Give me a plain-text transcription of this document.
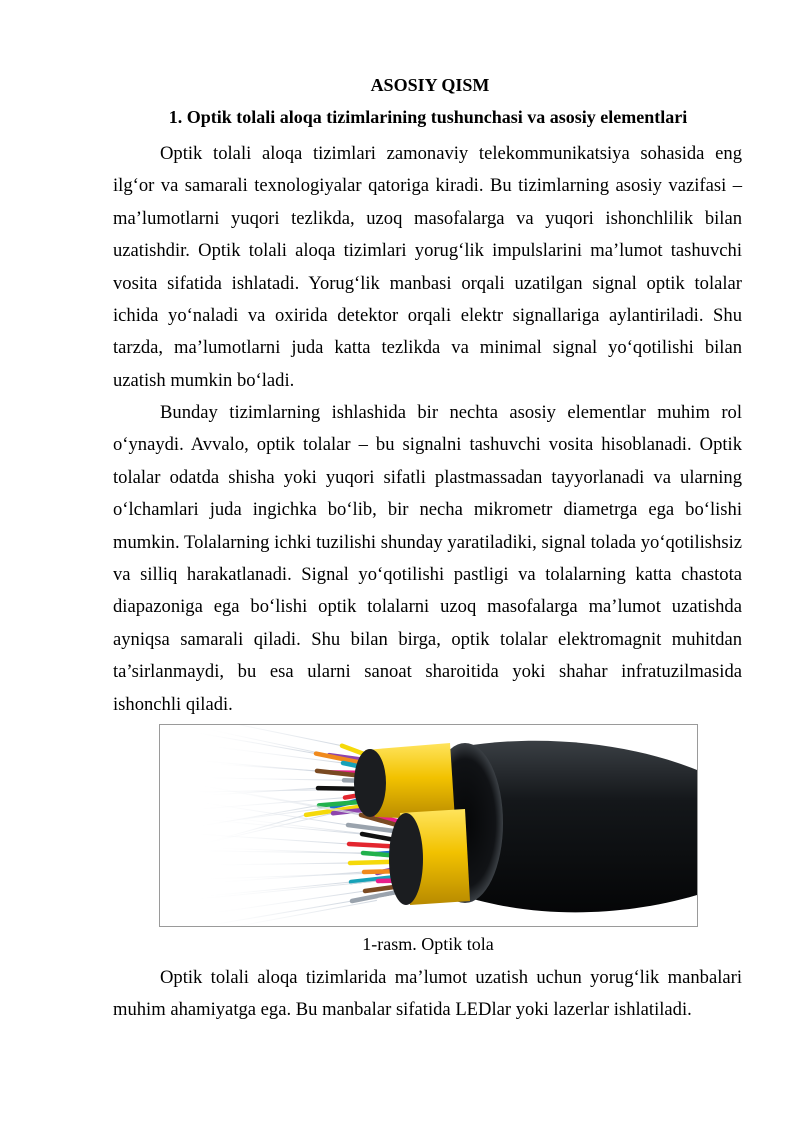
ASOSIY QISM
1. Optik tolali aloqa tizimlarining tushunchasi va asosiy elementlari

Optik tolali aloqa tizimlari zamonaviy telekommunikatsiya sohasida eng ilg‘or va samarali texnologiyalar qatoriga kiradi. Bu tizimlarning asosiy vazifasi – ma’lumotlarni yuqori tezlikda, uzoq masofalarga va yuqori ishonchlilik bilan uzatishdir. Optik tolali aloqa tizimlari yorug‘lik impulslarini ma’lumot tashuvchi vosita sifatida ishlatadi. Yorug‘lik manbasi orqali uzatilgan signal optik tolalar ichida yo‘naladi va oxirida detektor orqali elektr signallariga aylantiriladi. Shu tarzda, ma’lumotlarni juda katta tezlikda va minimal signal yo‘qotilishi bilan uzatish mumkin bo‘ladi.

Bunday tizimlarning ishlashida bir nechta asosiy elementlar muhim rol o‘ynaydi. Avvalo, optik tolalar – bu signalni tashuvchi vosita hisoblanadi. Optik tolalar odatda shisha yoki yuqori sifatli plastmassadan tayyorlanadi va ularning o‘lchamlari juda ingichka bo‘lib, bir necha mikrometr diametrga ega bo‘lishi mumkin. Tolalarning ichki tuzilishi shunday yaratiladiki, signal tolada yo‘qotilishsiz va silliq harakatlanadi. Signal yo‘qotilishi pastligi va tolalarning katta chastota diapazoniga ega bo‘lishi optik tolalarni uzoq masofalarga ma’lumot uzatishda ayniqsa samarali qiladi. Shu bilan birga, optik tolalar elektromagnit muhitdan ta’sirlanmaydi, bu esa ularni sanoat sharoitida yoki shahar infratuzilmasida ishonchli qiladi.

1-rasm. Optik tola

Optik tolali aloqa tizimlarida ma’lumot uzatish uchun yorug‘lik manbalari muhim ahamiyatga ega. Bu manbalar sifatida LEDlar yoki lazerlar ishlatiladi.
